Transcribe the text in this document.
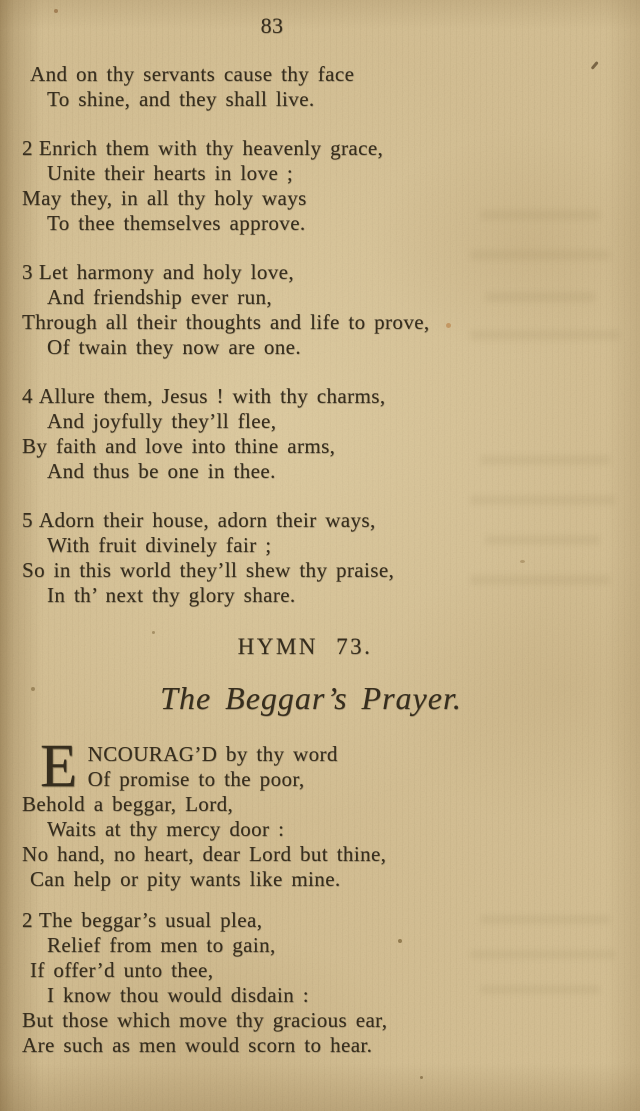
83
And on thy servants cause thy face
To shine, and they shall live.
2 Enrich them with thy heavenly grace,
Unite their hearts in love ;
May they, in all thy holy ways
To thee themselves approve.
3 Let harmony and holy love,
And friendship ever run,
Through all their thoughts and life to prove,
Of twain they now are one.
4 Allure them, Jesus ! with thy charms,
And joyfully they’ll flee,
By faith and love into thine arms,
And thus be one in thee.
5 Adorn their house, adorn their ways,
With fruit divinely fair ;
So in this world they’ll shew thy praise,
In th’ next thy glory share.
HYMN 73.
The Beggar’s Prayer.
E NCOURAG’D by thy word
Of promise to the poor,
Behold a beggar, Lord,
Waits at thy mercy door :
No hand, no heart, dear Lord but thine,
Can help or pity wants like mine.
2 The beggar’s usual plea,
Relief from men to gain,
If offer’d unto thee,
I know thou would disdain :
But those which move thy gracious ear,
Are such as men would scorn to hear.
